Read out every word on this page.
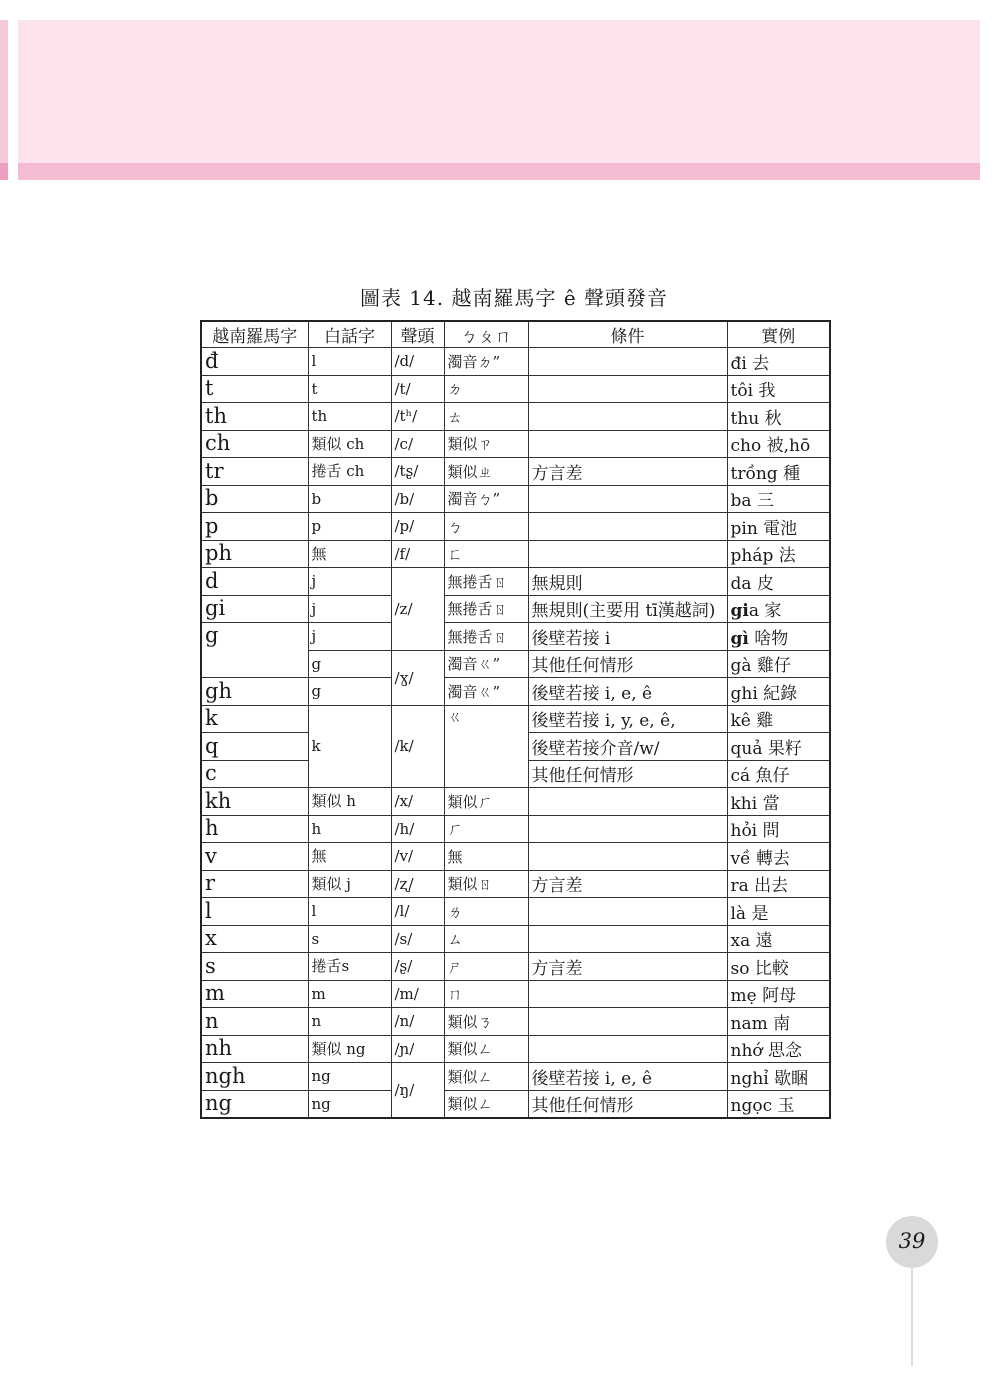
圖表 14. 越南羅馬字 ê 聲頭發音
越南羅馬字	白話字	聲頭	ㄅㄆㄇ	條件	實例
đ	l	/d/	濁音ㄉ”		đi 去
t	t	/t/	ㄉ		tôi 我
th	th	/tʰ/	ㄊ		thu 秋
ch	類似 ch	/c/	類似ㄗ		cho 被,hō
tr	捲舌 ch	/tʂ/	類似ㄓ	方言差	trồng 種
b	b	/b/	濁音ㄅ”		ba 三
p	p	/p/	ㄅ		pin 電池
ph	無	/f/	ㄈ		pháp 法
d	j	/z/	無捲舌ㄖ	無規則	da 皮
gi	j		無捲舌ㄖ	無規則(主要用 tī漢越詞)	gia 家
g	j		無捲舌ㄖ	後壁若接 i	gì 啥物
	g	/ɣ/	濁音ㄍ”	其他任何情形	gà 雞仔
gh	g		濁音ㄍ”	後壁若接 i, e, ê	ghi 紀錄
k	k	/k/	ㄍ	後壁若接 i, y, e, ê,	kê 雞
q				後壁若接介音/w/	quả 果籽
c				其他任何情形	cá 魚仔
kh	類似 h	/x/	類似ㄏ		khi 當
h	h	/h/	ㄏ		hỏi 問
v	無	/v/	無		về 轉去
r	類似 j	/ʐ/	類似ㄖ	方言差	ra 出去
l	l	/l/	ㄌ		là 是
x	s	/s/	ㄙ		xa 遠
s	捲舌s	/ʂ/	ㄕ	方言差	so 比較
m	m	/m/	ㄇ		mẹ 阿母
n	n	/n/	類似ㄋ		nam 南
nh	類似 ng	/ɲ/	類似ㄥ		nhớ 思念
ngh	ng	/ŋ/	類似ㄥ	後壁若接 i, e, ê	nghỉ 歇睏
ng	ng		類似ㄥ	其他任何情形	ngọc 玉
39
